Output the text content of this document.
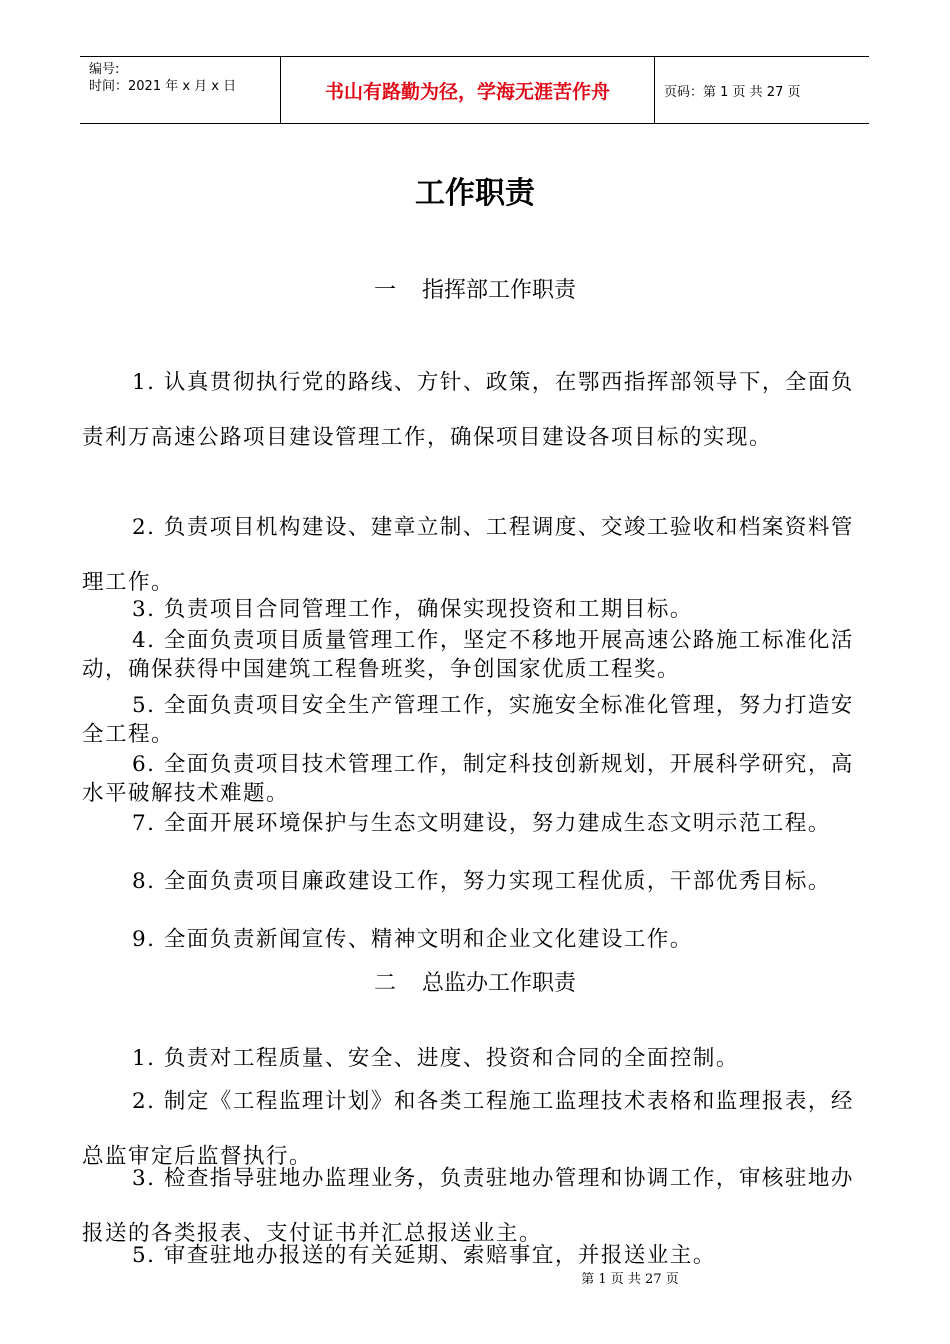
编号:
时间：2021 年 x 月 x 日	书山有路勤为径，学海无涯苦作舟	页码：第 1 页 共 27 页
工作职责
一 指挥部工作职责

1. 认真贯彻执行党的路线、方针、政策，在鄂西指挥部领导下，全面负责利万高速公路项目建设管理工作，确保项目建设各项目标的实现。

2. 负责项目机构建设、建章立制、工程调度、交竣工验收和档案资料管理工作。

3. 负责项目合同管理工作，确保实现投资和工期目标。

4. 全面负责项目质量管理工作，坚定不移地开展高速公路施工标准化活动，确保获得中国建筑工程鲁班奖，争创国家优质工程奖。

5. 全面负责项目安全生产管理工作，实施安全标准化管理，努力打造安全工程。

6. 全面负责项目技术管理工作，制定科技创新规划，开展科学研究，高水平破解技术难题。

7. 全面开展环境保护与生态文明建设，努力建成生态文明示范工程。

8. 全面负责项目廉政建设工作，努力实现工程优质，干部优秀目标。

9. 全面负责新闻宣传、精神文明和企业文化建设工作。

二 总监办工作职责

1. 负责对工程质量、安全、进度、投资和合同的全面控制。

2. 制定《工程监理计划》和各类工程施工监理技术表格和监理报表，经总监审定后监督执行。

3. 检查指导驻地办监理业务，负责驻地办管理和协调工作，审核驻地办报送的各类报表、支付证书并汇总报送业主。

5. 审查驻地办报送的有关延期、索赔事宜，并报送业主。

第 1 页 共 27 页
